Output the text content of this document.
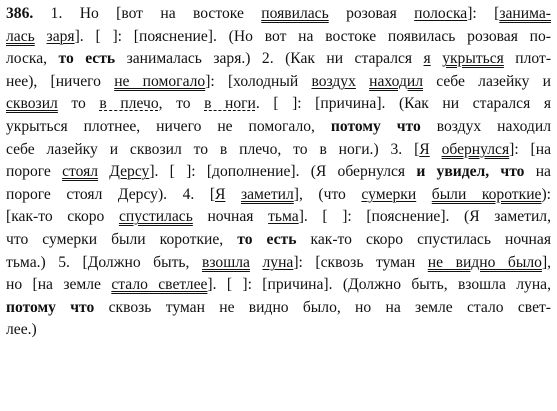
386. 1. Но [вот на востоке появилась розовая полоска]: [занима-
лась заря]. [ ]: [пояснение]. (Но вот на востоке появилась розовая по-
лоска, то есть занималась заря.) 2. (Как ни старался я укрыться плот-
нее), [ничего не помогало]: [холодный воздух находил себе лазейку и
сквозил то в плечо, то в ноги. [ ]: [причина]. (Как ни старался я
укрыться плотнее, ничего не помогало, потому что воздух находил
себе лазейку и сквозил то в плечо, то в ноги.) 3. [Я обернулся]: [на
пороге стоял Дерсу]. [ ]: [дополнение]. (Я обернулся и увидел, что на
пороге стоял Дерсу). 4. [Я заметил], (что сумерки были короткие):
[как-то скоро спустилась ночная тьма]. [ ]: [пояснение]. (Я заметил,
что сумерки были короткие, то есть как-то скоро спустилась ночная
тьма.) 5. [Должно быть, взошла луна]: [сквозь туман не видно было],
но [на земле стало светлее]. [ ]: [причина]. (Должно быть, взошла луна,
потому что сквозь туман не видно было, но на земле стало свет-
лее.)
